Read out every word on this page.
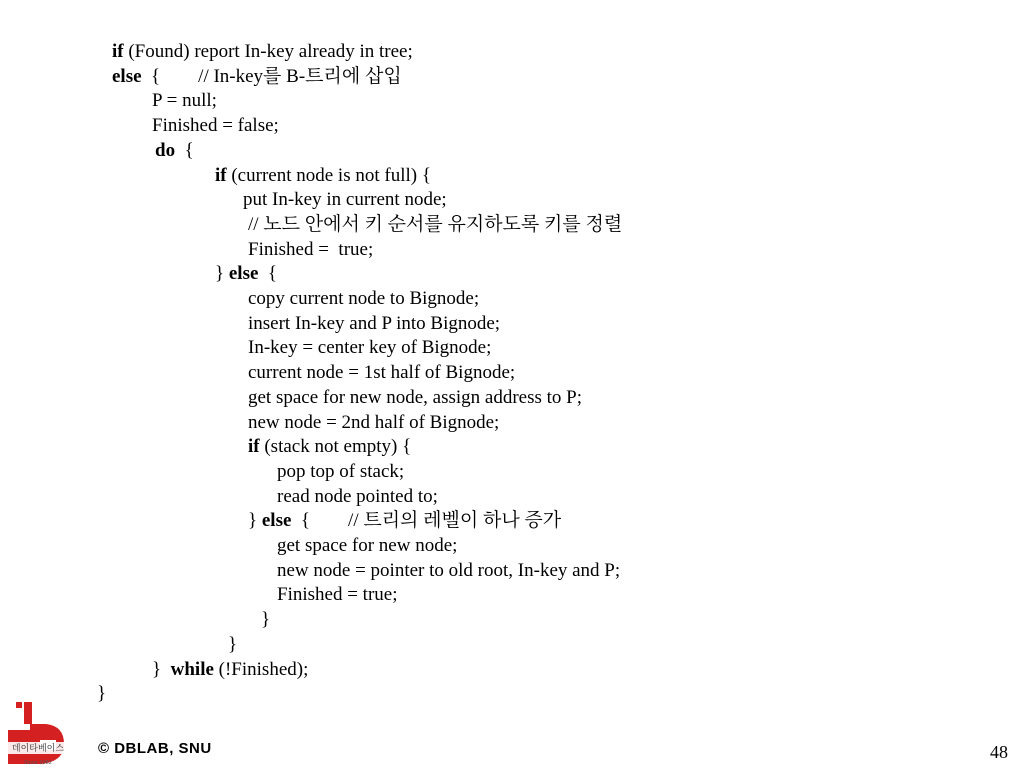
if (Found) report In-key already in tree;
else  {        // In-key를 B-트리에 삽입
P = null;
Finished = false;
do  {
if (current node is not full) {
put In-key in current node;
// 노드 안에서 키 순서를 유지하도록 키를 정렬
Finished =  true;
} else  {
copy current node to Bignode;
insert In-key and P into Bignode;
In-key = center key of Bignode;
current node = 1st half of Bignode;
get space for new node, assign address to P;
new node = 2nd half of Bignode;
if (stack not empty) {
pop top of stack;
read node pointed to;
} else  {        // 트리의 레벨이 하나 증가
get space for new node;
new node = pointer to old root, In-key and P;
Finished = true;
}
}
}  while (!Finished);
}
데이타베이스
Since 1982
© DBLAB, SNU	48
